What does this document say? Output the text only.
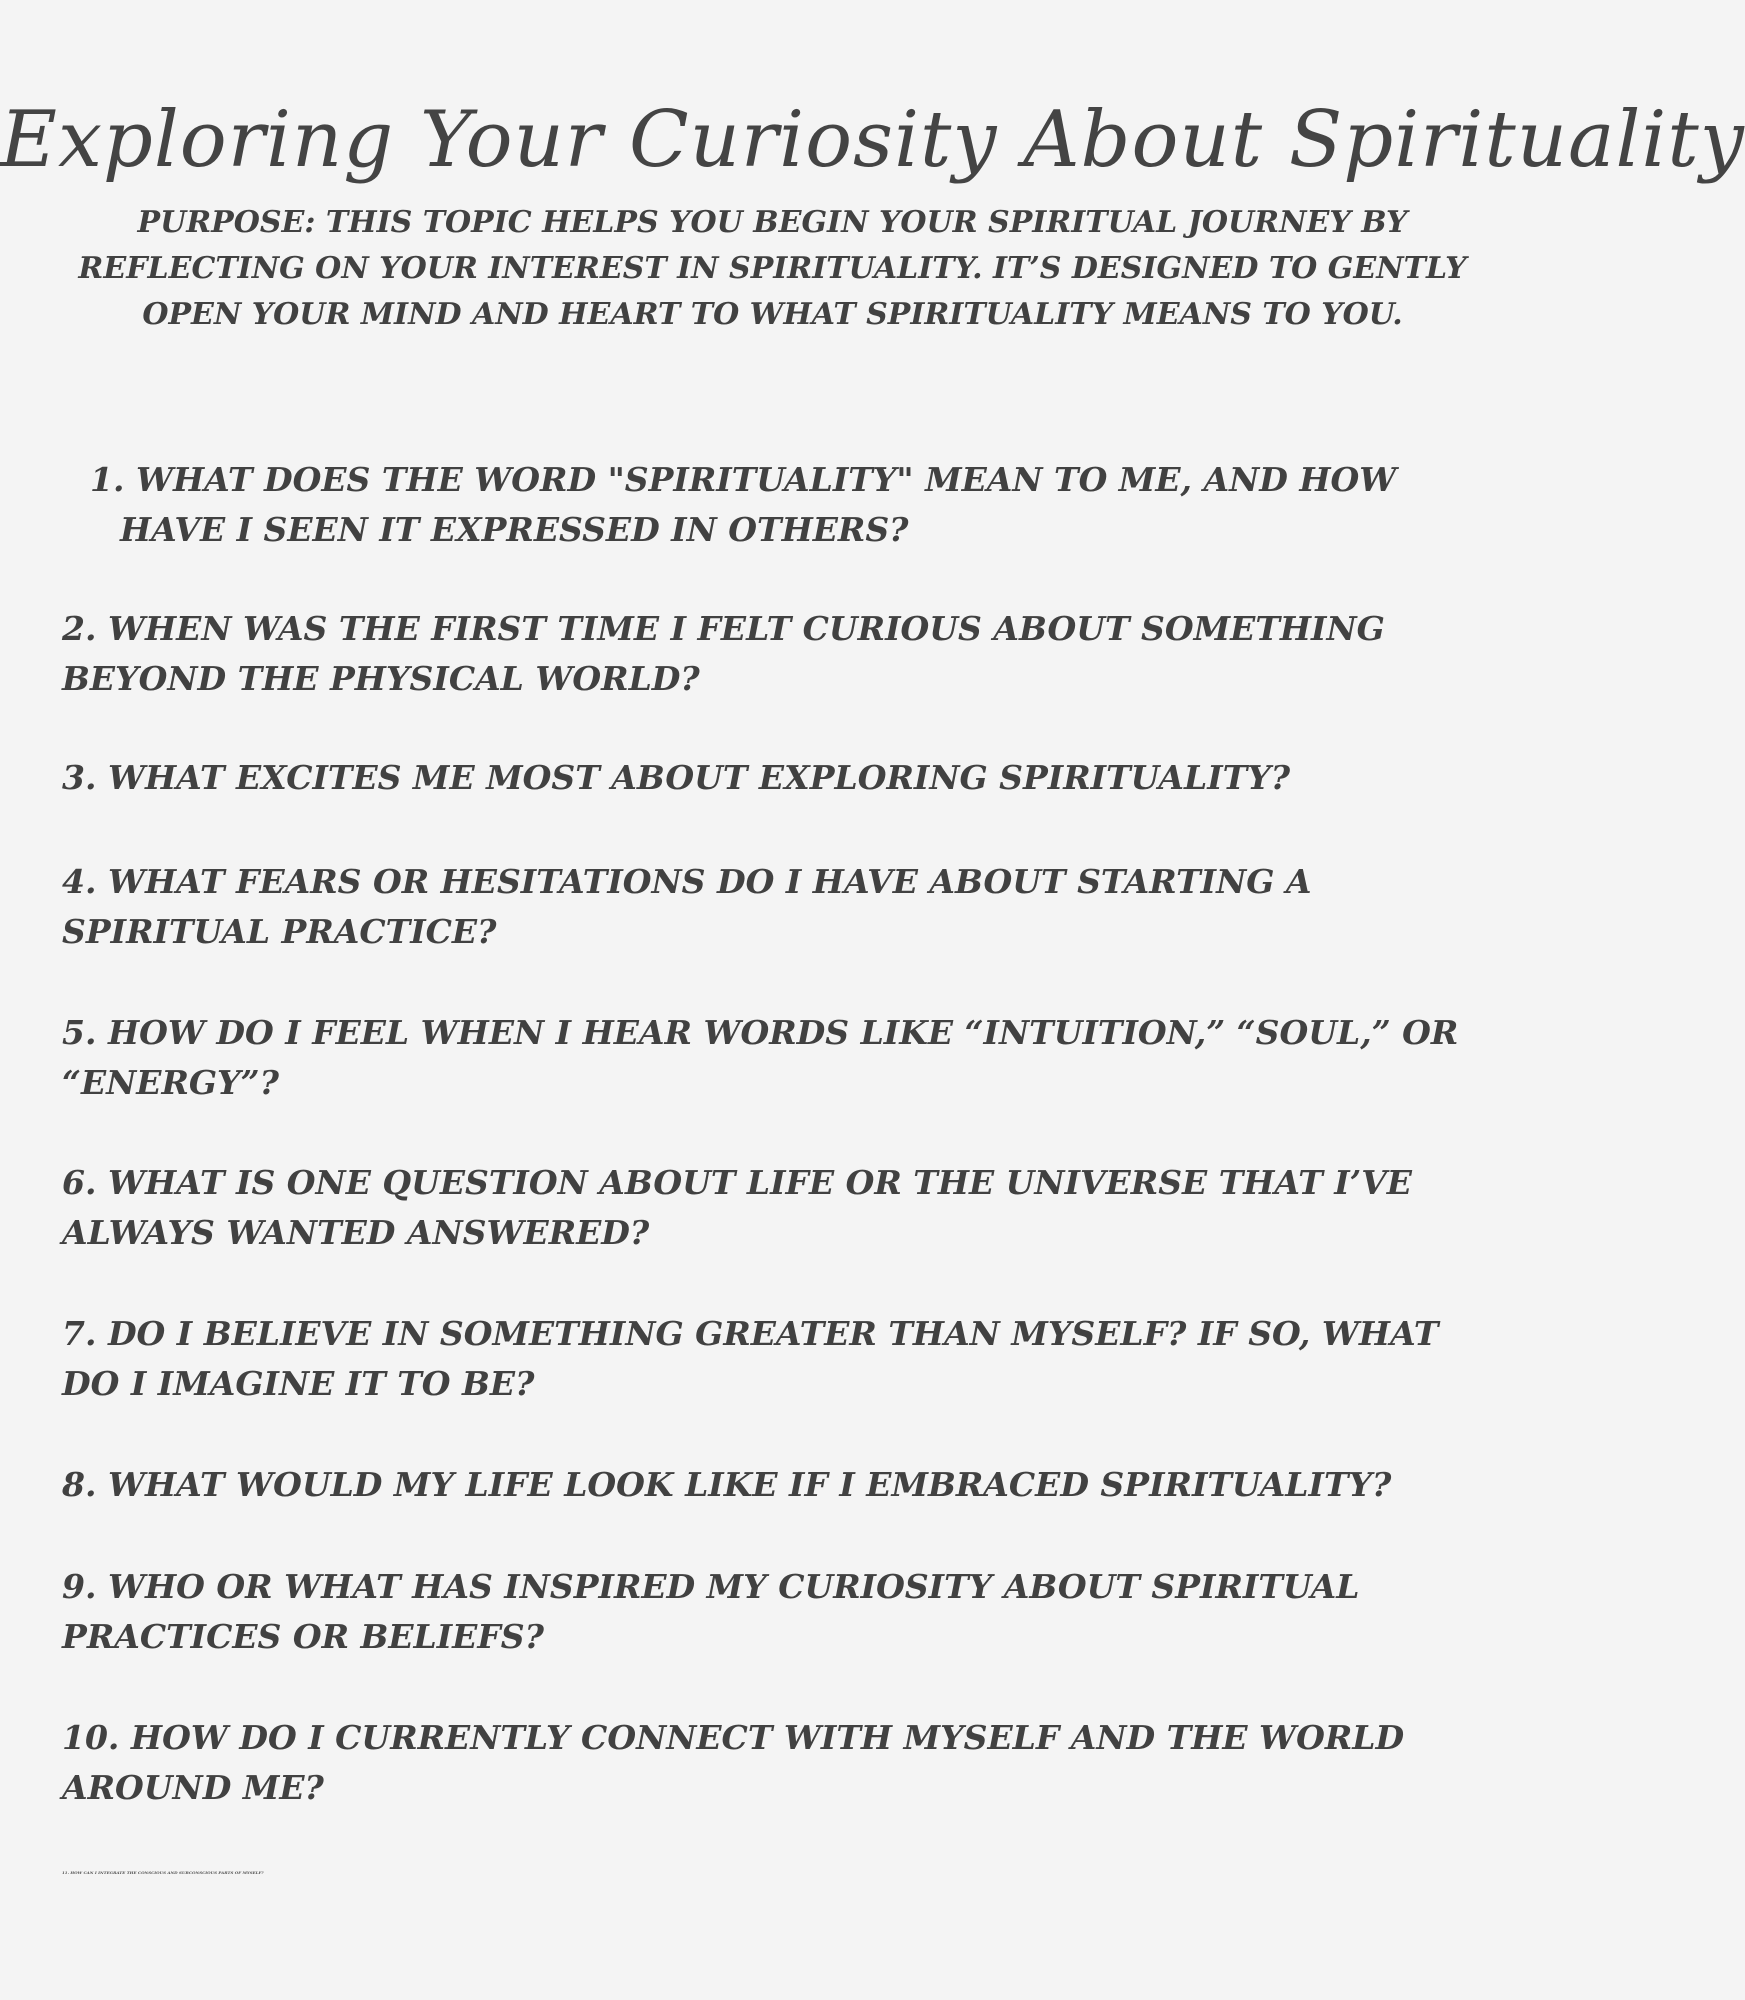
Exploring Your Curiosity About Spirituality
PURPOSE: THIS TOPIC HELPS YOU BEGIN YOUR SPIRITUAL JOURNEY BY REFLECTING ON YOUR INTEREST IN SPIRITUALITY. IT’S DESIGNED TO GENTLY OPEN YOUR MIND AND HEART TO WHAT SPIRITUALITY MEANS TO YOU.

1. WHAT DOES THE WORD "SPIRITUALITY" MEAN TO ME, AND HOW HAVE I SEEN IT EXPRESSED IN OTHERS?

2. WHEN WAS THE FIRST TIME I FELT CURIOUS ABOUT SOMETHING BEYOND THE PHYSICAL WORLD?

3. WHAT EXCITES ME MOST ABOUT EXPLORING SPIRITUALITY?

4. WHAT FEARS OR HESITATIONS DO I HAVE ABOUT STARTING A SPIRITUAL PRACTICE?

5. HOW DO I FEEL WHEN I HEAR WORDS LIKE “INTUITION,” “SOUL,” OR “ENERGY”?

6. WHAT IS ONE QUESTION ABOUT LIFE OR THE UNIVERSE THAT I’VE ALWAYS WANTED ANSWERED?

7. DO I BELIEVE IN SOMETHING GREATER THAN MYSELF? IF SO, WHAT DO I IMAGINE IT TO BE?

8. WHAT WOULD MY LIFE LOOK LIKE IF I EMBRACED SPIRITUALITY?

9. WHO OR WHAT HAS INSPIRED MY CURIOSITY ABOUT SPIRITUAL PRACTICES OR BELIEFS?

10. HOW DO I CURRENTLY CONNECT WITH MYSELF AND THE WORLD AROUND ME?

11. HOW CAN I INTEGRATE THE CONSCIOUS AND SUBCONSCIOUS PARTS OF MYSELF?
